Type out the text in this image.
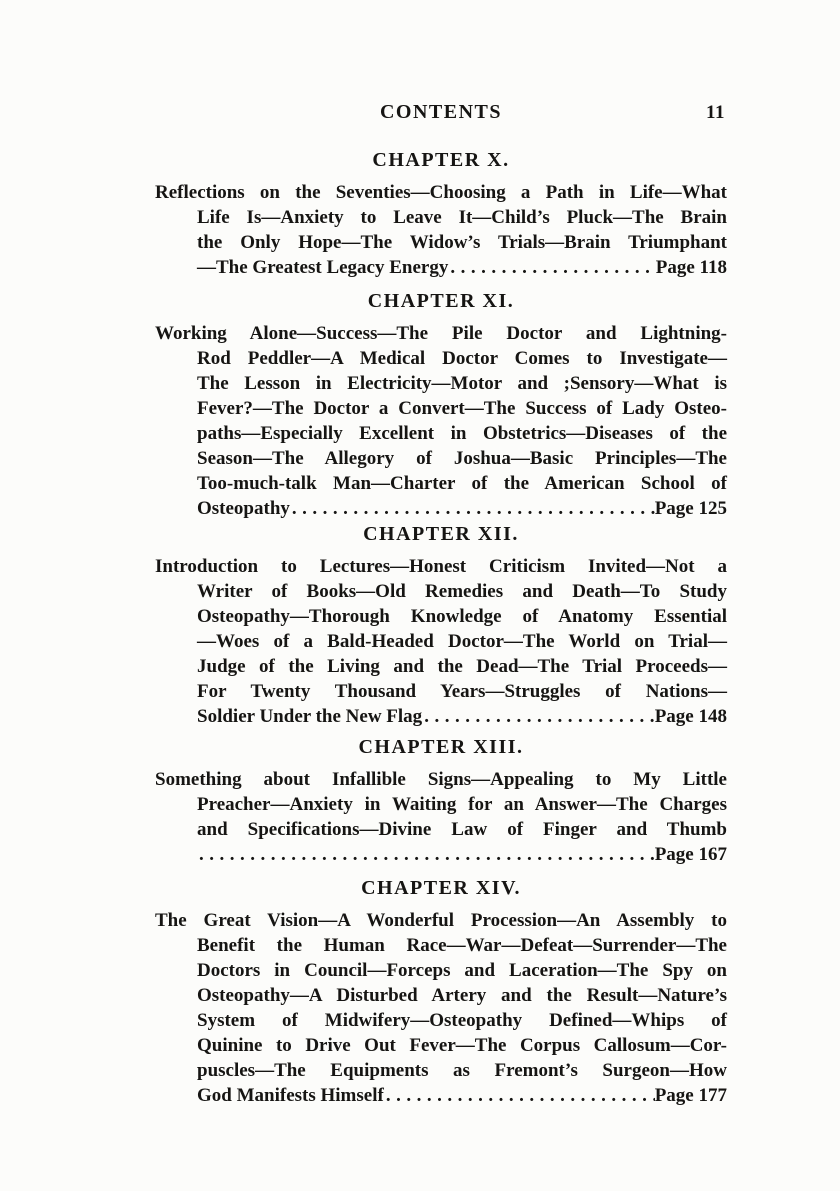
CONTENTS	11
CHAPTER X.
Reflections on the Seventies—Choosing a Path in Life—What
Life Is—Anxiety to Leave It—Child’s Pluck—The Brain
the Only Hope—The Widow’s Trials—Brain Triumphant
—The Greatest Legacy Energy .....	Page 118
CHAPTER XI.
Working Alone—Success—The Pile Doctor and Lightning-
Rod Peddler—A Medical Doctor Comes to Investigate—
The Lesson in Electricity—Motor and ;Sensory—What is
Fever?—The Doctor a Convert—The Success of Lady Osteo-
paths—Especially Excellent in Obstetrics—Diseases of the
Season—The Allegory of Joshua—Basic Principles—The
Too-much-talk Man—Charter of the American School of
Osteopathy .....	Page 125
CHAPTER XII.
Introduction to Lectures—Honest Criticism Invited—Not a
Writer of Books—Old Remedies and Death—To Study
Osteopathy—Thorough Knowledge of Anatomy Essential
—Woes of a Bald-Headed Doctor—The World on Trial—
Judge of the Living and the Dead—The Trial Proceeds—
For Twenty Thousand Years—Struggles of Nations—
Soldier Under the New Flag .....	Page 148
CHAPTER XIII.
Something about Infallible Signs—Appealing to My Little
Preacher—Anxiety in Waiting for an Answer—The Charges
and Specifications—Divine Law of Finger and Thumb
.....
Page 167
CHAPTER XIV.
The Great Vision—A Wonderful Procession—An Assembly to
Benefit the Human Race—War—Defeat—Surrender—The
Doctors in Council—Forceps and Laceration—The Spy on
Osteopathy—A Disturbed Artery and the Result—Nature’s
System of Midwifery—Osteopathy Defined—Whips of
Quinine to Drive Out Fever—The Corpus Callosum—Cor-
puscles—The Equipments as Fremont’s Surgeon—How
God Manifests Himself .....	Page 177
